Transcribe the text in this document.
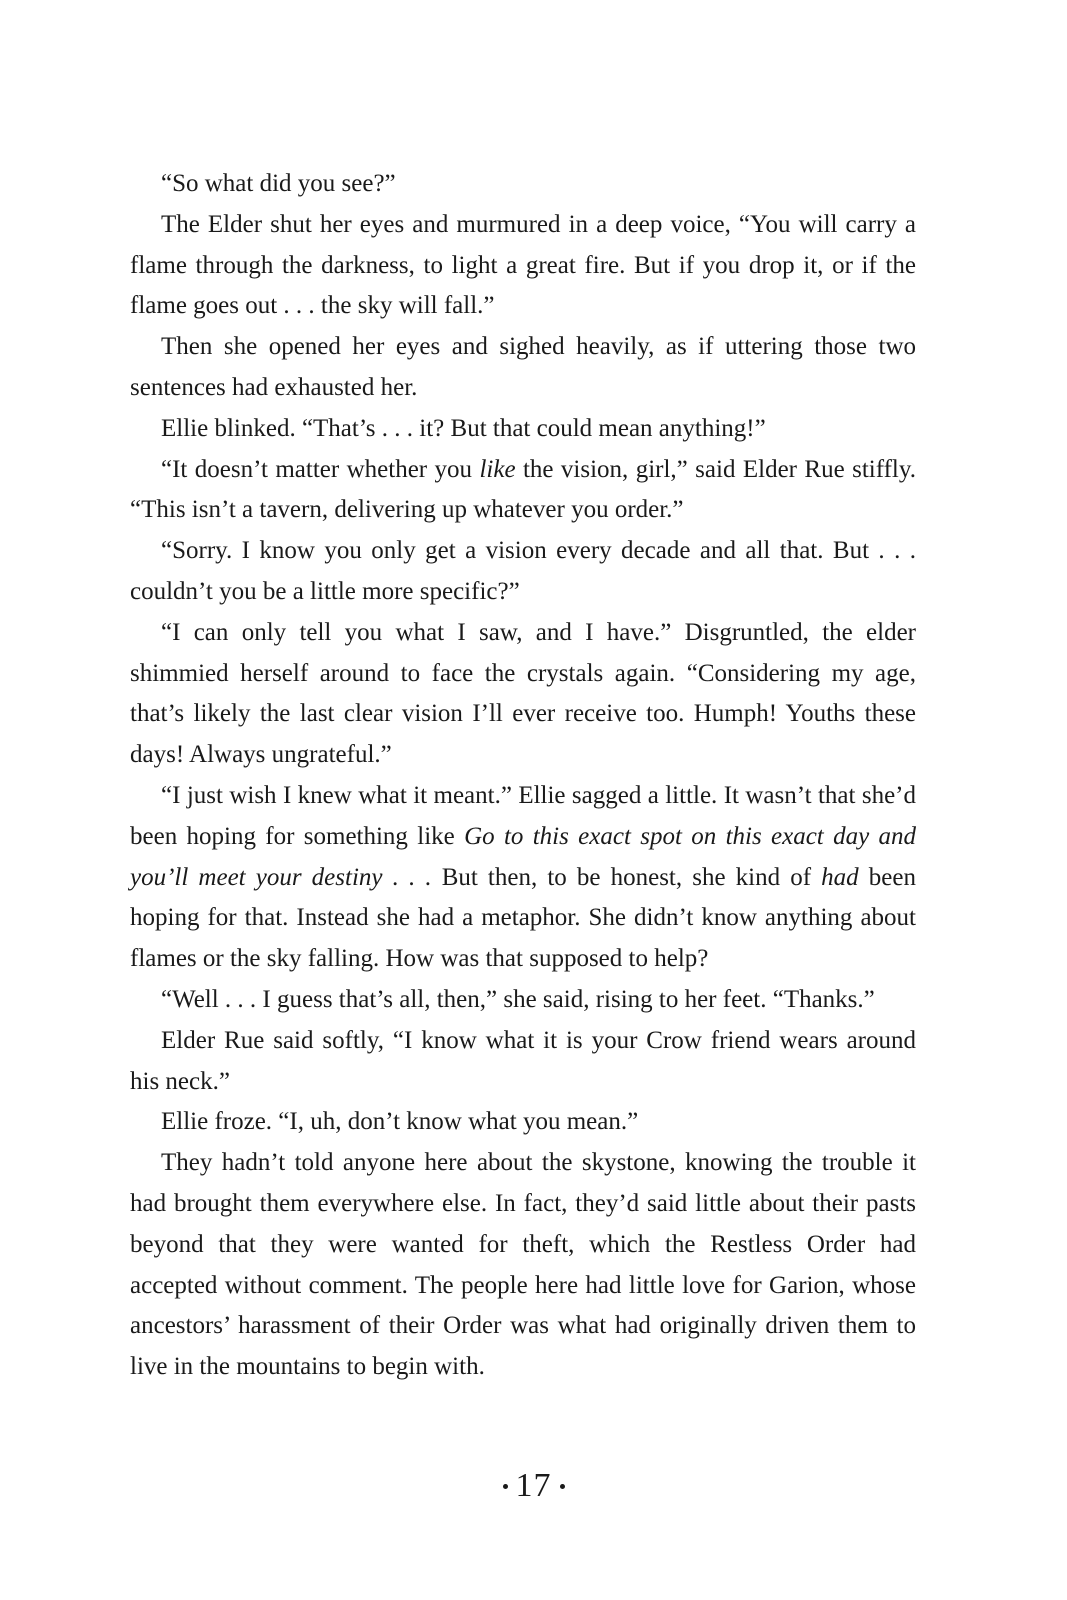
“So what did you see?”

The Elder shut her eyes and murmured in a deep voice, “You will carry a flame through the darkness, to light a great fire. But if you drop it, or if the flame goes out . . . the sky will fall.”

Then she opened her eyes and sighed heavily, as if uttering those two sentences had exhausted her.

Ellie blinked. “That’s . . . it? But that could mean anything!”

“It doesn’t matter whether you like the vision, girl,” said Elder Rue stiffly. “This isn’t a tavern, delivering up whatever you order.”

“Sorry. I know you only get a vision every decade and all that. But . . . couldn’t you be a little more specific?”

“I can only tell you what I saw, and I have.” Disgruntled, the elder shimmied herself around to face the crystals again. “Considering my age, that’s likely the last clear vision I’ll ever receive too. Humph! Youths these days! Always ungrateful.”

“I just wish I knew what it meant.” Ellie sagged a little. It wasn’t that she’d been hoping for something like Go to this exact spot on this exact day and you’ll meet your destiny . . . But then, to be honest, she kind of had been hoping for that. Instead she had a metaphor. She didn’t know anything about flames or the sky falling. How was that supposed to help?

“Well . . . I guess that’s all, then,” she said, rising to her feet. “Thanks.”

Elder Rue said softly, “I know what it is your Crow friend wears around his neck.”

Ellie froze. “I, uh, don’t know what you mean.”

They hadn’t told anyone here about the skystone, knowing the trouble it had brought them everywhere else. In fact, they’d said little about their pasts beyond that they were wanted for theft, which the Restless Order had accepted without comment. The people here had little love for Garion, whose ancestors’ harassment of their Order was what had originally driven them to live in the mountains to begin with.

17
